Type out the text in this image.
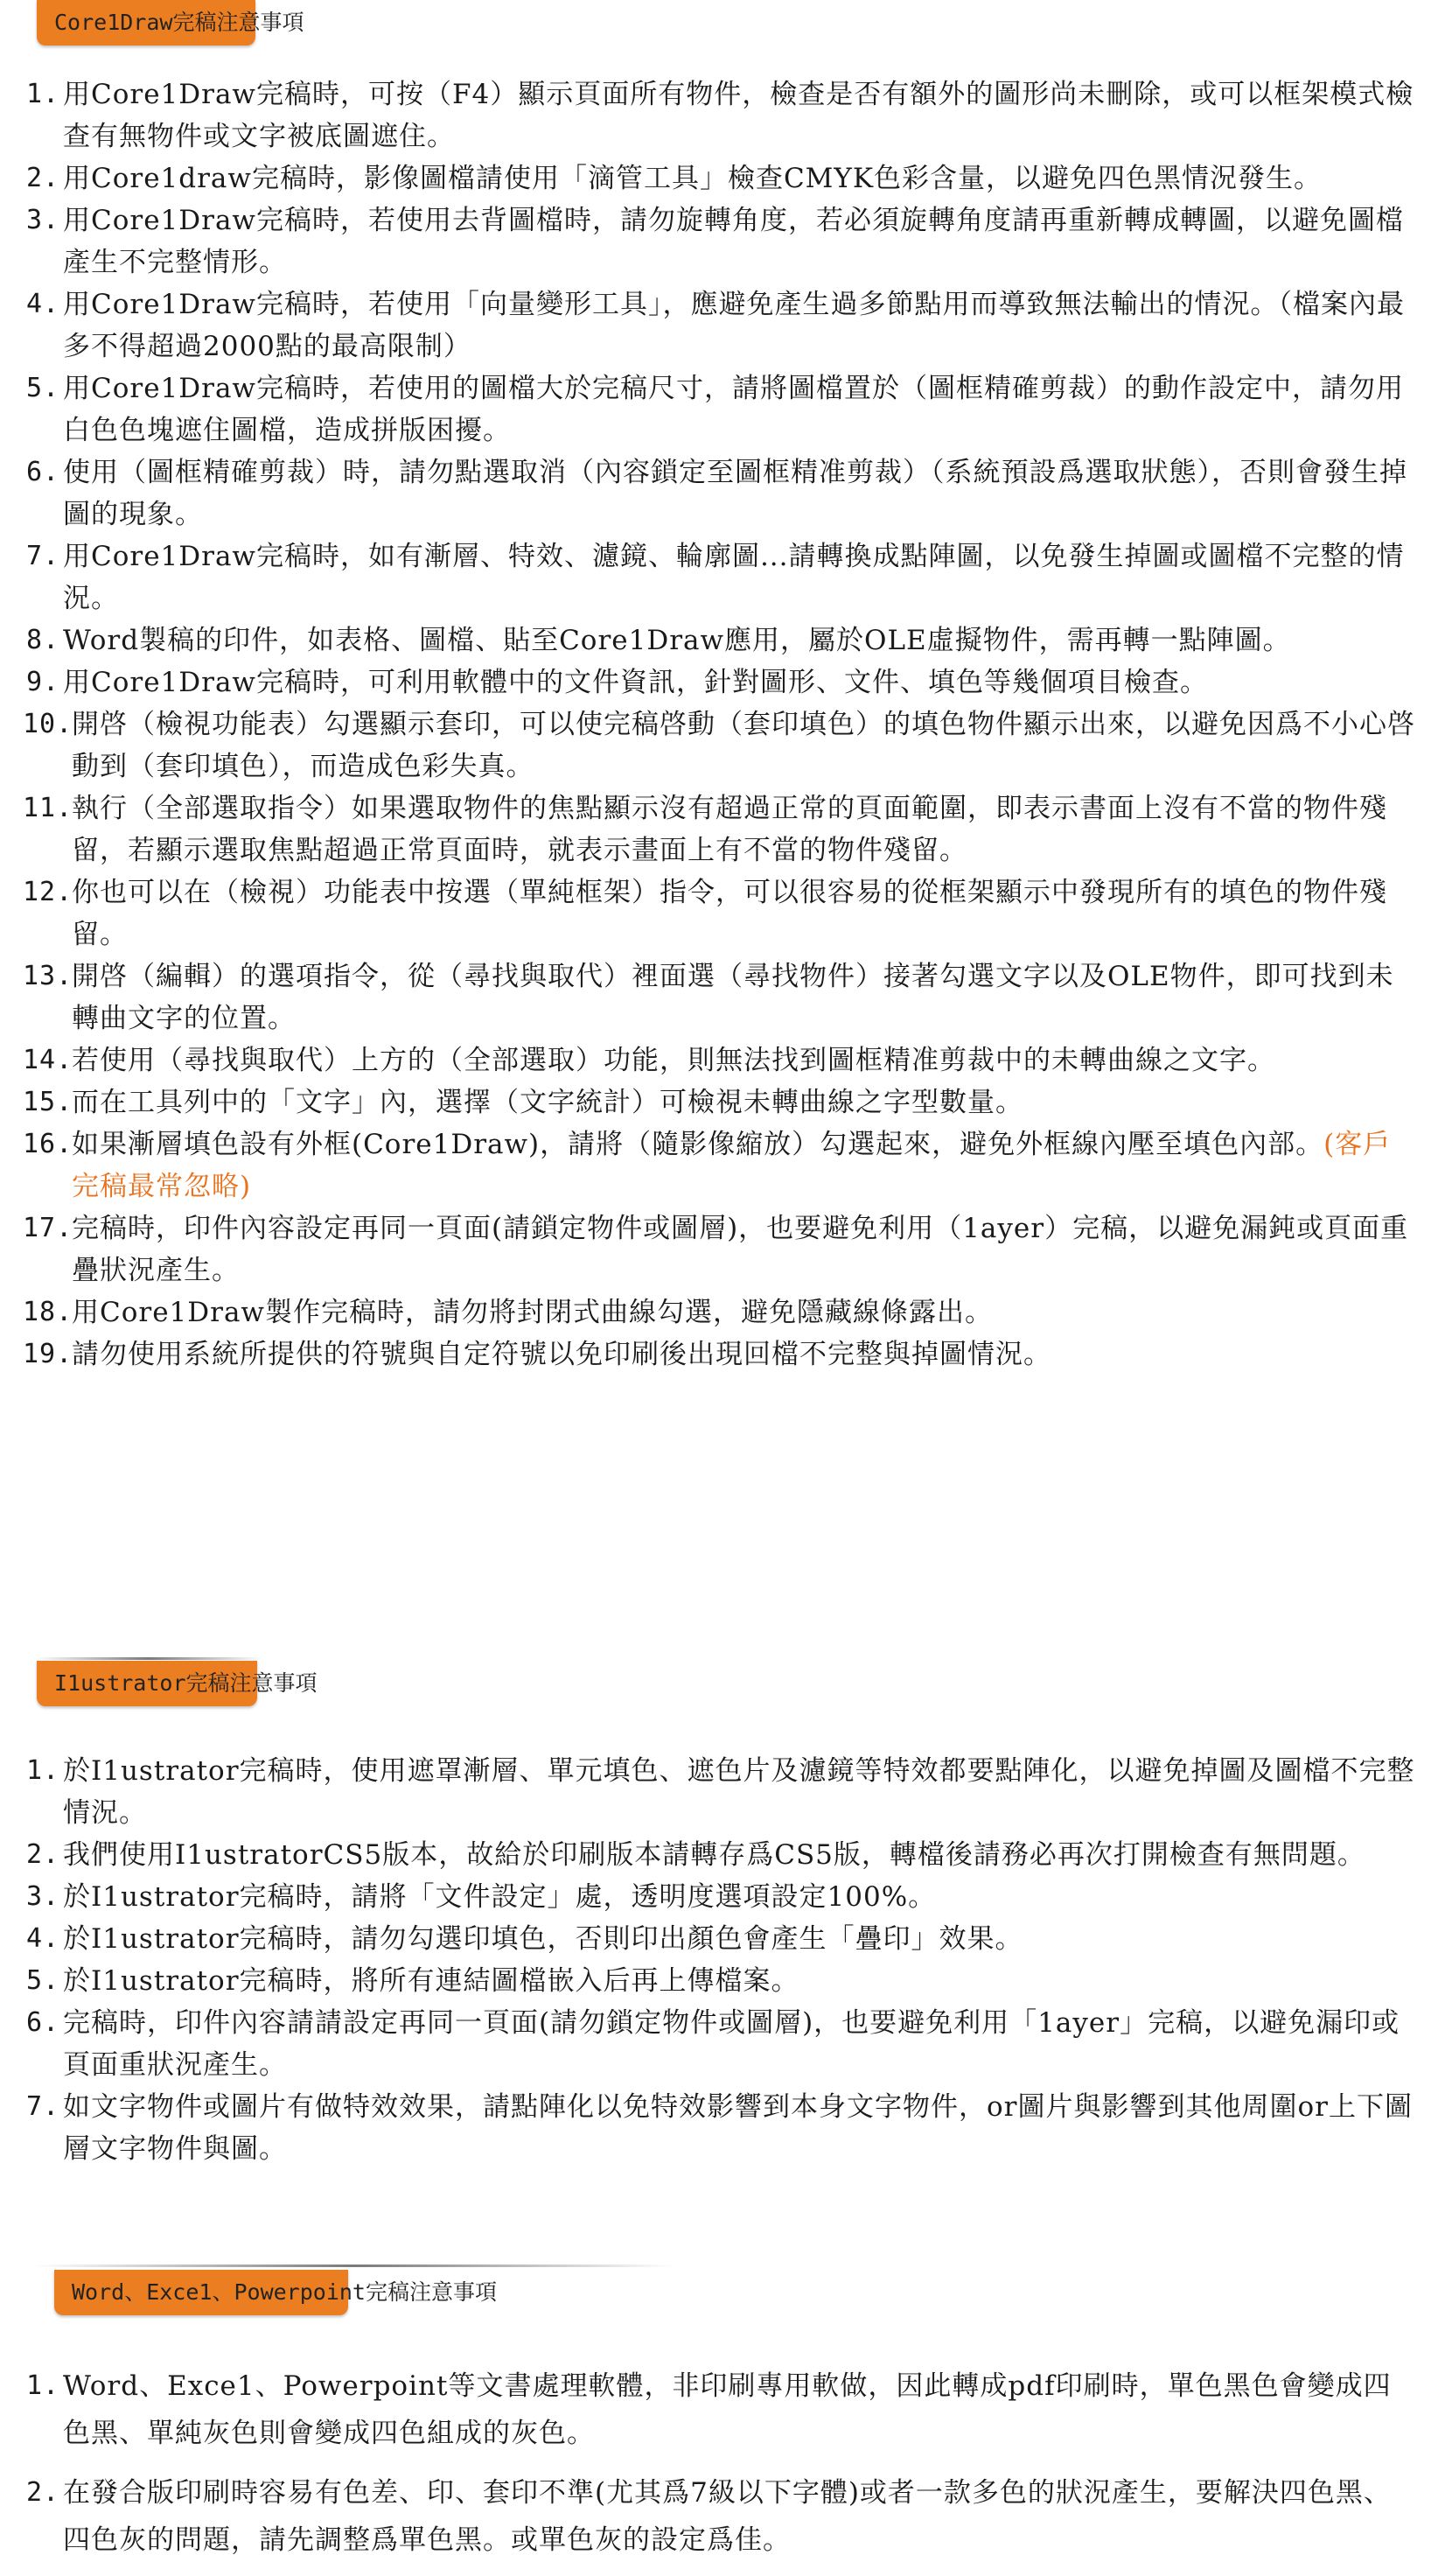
Core1Draw完稿注意事項
1. 用Core1Draw完稿時，可按（F4）顯示頁面所有物件，檢查是否有額外的圖形尚未刪除，或可以框架模式檢查有無物件或文字被底圖遮住。
2. 用Core1draw完稿時，影像圖檔請使用「滴管工具」檢查CMYK色彩含量，以避免四色黑情況發生。
3. 用Core1Draw完稿時，若使用去背圖檔時，請勿旋轉角度，若必須旋轉角度請再重新轉成轉圖，以避免圖檔產生不完整情形。
4. 用Core1Draw完稿時，若使用「向量變形工具」，應避免產生過多節點用而導致無法輸出的情況。（檔案內最多不得超過2000點的最高限制）
5. 用Core1Draw完稿時，若使用的圖檔大於完稿尺寸，請將圖檔置於（圖框精確剪裁）的動作設定中，請勿用白色色塊遮住圖檔，造成拼版困擾。
6. 使用（圖框精確剪裁）時，請勿點選取消（內容鎖定至圖框精准剪裁）（系統預設爲選取狀態），否則會發生掉圖的現象。
7. 用Core1Draw完稿時，如有漸層、特效、濾鏡、輪廓圖...請轉換成點陣圖，以免發生掉圖或圖檔不完整的情況。
8. Word製稿的印件，如表格、圖檔、貼至Core1Draw應用，屬於OLE虛擬物件，需再轉一點陣圖。
9. 用Core1Draw完稿時，可利用軟體中的文件資訊，針對圖形、文件、填色等幾個項目檢查。
10.
開啓（檢視功能表）勾選顯示套印，可以使完稿啓動（套印填色）的填色物件顯示出來，以避免因爲不小心啓動到（套印填色），而造成色彩失真。
11.
執行（全部選取指令）如果選取物件的焦點顯示沒有超過正常的頁面範圍，即表示書面上沒有不當的物件殘留，若顯示選取焦點超過正常頁面時，就表示畫面上有不當的物件殘留。
12.
你也可以在（檢視）功能表中按選（單純框架）指令，可以很容易的從框架顯示中發現所有的填色的物件殘留。
13.
開啓（編輯）的選項指令，從（尋找與取代）裡面選（尋找物件）接著勾選文字以及OLE物件，即可找到未轉曲文字的位置。
14.
若使用（尋找與取代）上方的（全部選取）功能，則無法找到圖框精准剪裁中的未轉曲線之文字。
15.
而在工具列中的「文字」內，選擇（文字統計）可檢視未轉曲線之字型數量。
16.
如果漸層填色設有外框(Core1Draw)，請將（隨影像縮放）勾選起來，避免外框線內壓至填色內部。(客戶完稿最常忽略)
17.
完稿時，印件內容設定再同一頁面(請鎖定物件或圖層)，也要避免利用（1ayer）完稿，以避免漏鈍或頁面重疊狀況產生。
18.
用Core1Draw製作完稿時，請勿將封閉式曲線勾選，避免隱藏線條露出。
19.
請勿使用系統所提供的符號與自定符號以免印刷後出現回檔不完整與掉圖情況。
I1ustrator完稿注意事項
1. 於I1ustrator完稿時，使用遮罩漸層、單元填色、遮色片及濾鏡等特效都要點陣化，以避免掉圖及圖檔不完整情況。
2. 我們使用I1ustratorCS5版本，故給於印刷版本請轉存爲CS5版，轉檔後請務必再次打開檢查有無問題。
3. 於I1ustrator完稿時，請將「文件設定」處，透明度選項設定100%。
4. 於I1ustrator完稿時，請勿勾選印填色，否則印出顏色會產生「疊印」效果。
5. 於I1ustrator完稿時，將所有連結圖檔嵌入后再上傳檔案。
6. 完稿時，印件內容請請設定再同一頁面(請勿鎖定物件或圖層)，也要避免利用「1ayer」完稿，以避免漏印或頁面重狀況產生。
7. 如文字物件或圖片有做特效效果，請點陣化以免特效影響到本身文字物件，or圖片與影響到其他周圍or上下圖層文字物件與圖。
Word、Exce1、Powerpoint完稿注意事項
1. Word、Exce1、Powerpoint等文書處理軟體，非印刷專用軟做，因此轉成pdf印刷時，單色黑色會變成四色黑、單純灰色則會變成四色組成的灰色。
2. 在發合版印刷時容易有色差、印、套印不準(尤其爲7級以下字體)或者一款多色的狀況產生，要解決四色黑、四色灰的問題，請先調整爲單色黑。或單色灰的設定爲佳。
